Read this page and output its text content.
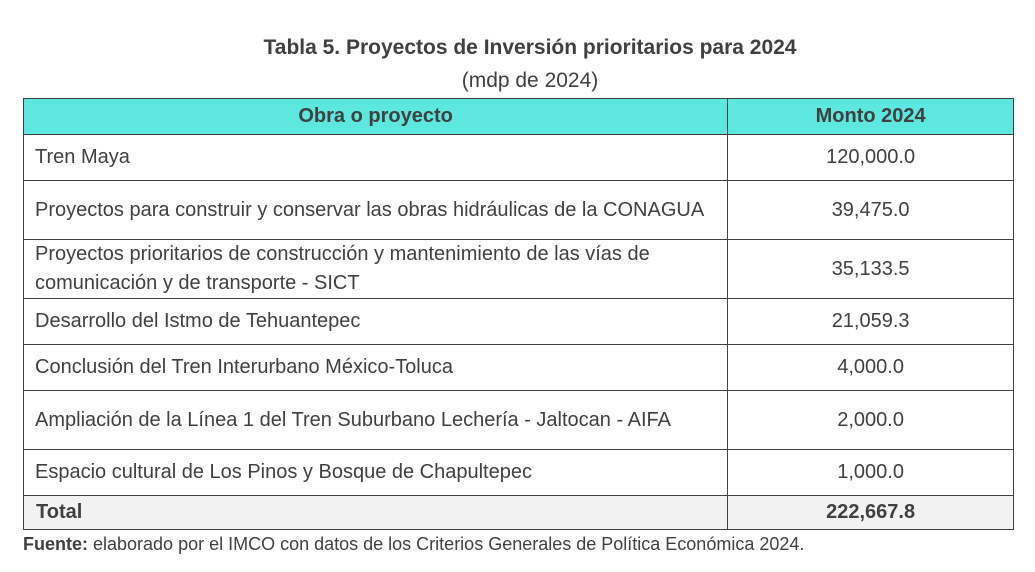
Tabla 5. Proyectos de Inversión prioritarios para 2024
(mdp de 2024)
Obra o proyecto	Monto 2024
Tren Maya	120,000.0
Proyectos para construir y conservar las obras hidráulicas de la CONAGUA	39,475.0
Proyectos prioritarios de construcción y mantenimiento de las vías de comunicación y de transporte - SICT	35,133.5
Desarrollo del Istmo de Tehuantepec	21,059.3
Conclusión del Tren Interurbano México-Toluca	4,000.0
Ampliación de la Línea 1 del Tren Suburbano Lechería - Jaltocan - AIFA	2,000.0
Espacio cultural de Los Pinos y Bosque de Chapultepec	1,000.0
Total	222,667.8
Fuente: elaborado por el IMCO con datos de los Criterios Generales de Política Económica 2024.
